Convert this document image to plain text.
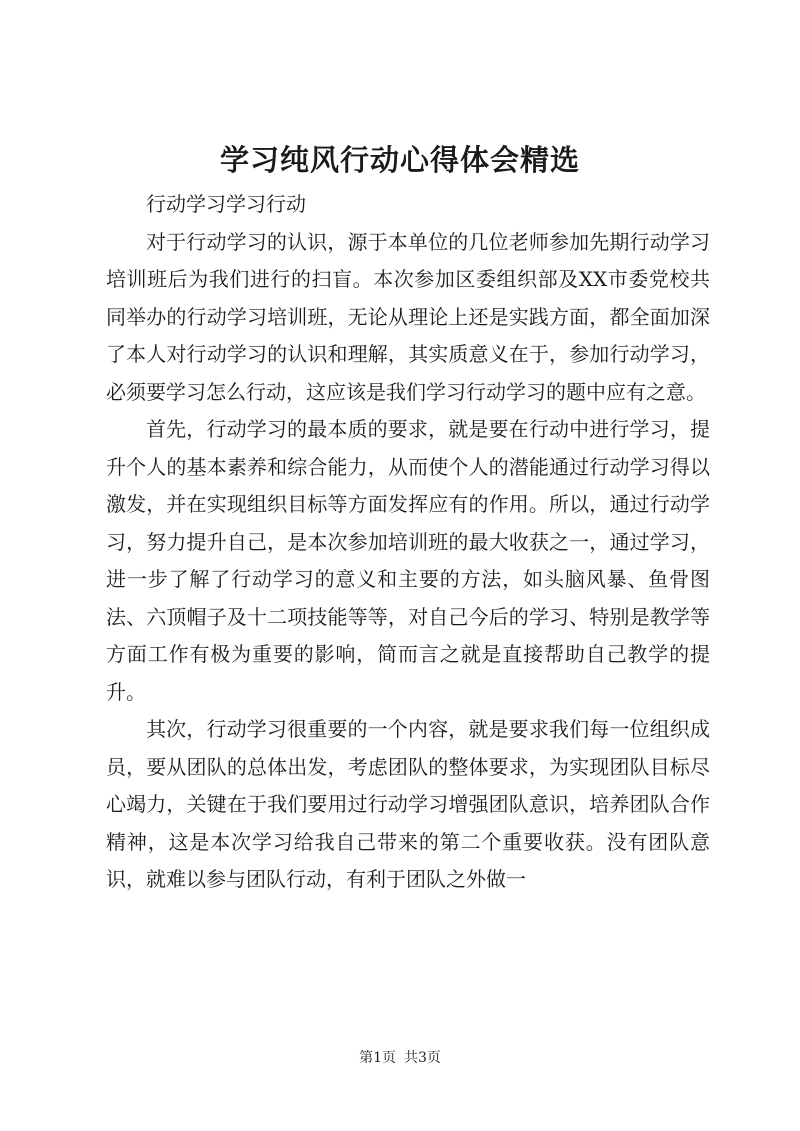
学习纯风行动心得体会精选

行动学习学习行动

对于行动学习的认识，源于本单位的几位老师参加先期行动学习培训班后为我们进行的扫盲。本次参加区委组织部及XX市委党校共同举办的行动学习培训班，无论从理论上还是实践方面，都全面加深了本人对行动学习的认识和理解，其实质意义在于，参加行动学习，必须要学习怎么行动，这应该是我们学习行动学习的题中应有之意。

首先，行动学习的最本质的要求，就是要在行动中进行学习，提升个人的基本素养和综合能力，从而使个人的潜能通过行动学习得以激发，并在实现组织目标等方面发挥应有的作用。所以，通过行动学习，努力提升自己，是本次参加培训班的最大收获之一，通过学习，进一步了解了行动学习的意义和主要的方法，如头脑风暴、鱼骨图法、六顶帽子及十二项技能等等，对自己今后的学习、特别是教学等方面工作有极为重要的影响，简而言之就是直接帮助自己教学的提升。

其次，行动学习很重要的一个内容，就是要求我们每一位组织成员，要从团队的总体出发，考虑团队的整体要求，为实现团队目标尽心竭力，关键在于我们要用过行动学习增强团队意识，培养团队合作精神，这是本次学习给我自己带来的第二个重要收获。没有团队意识，就难以参与团队行动，有利于团队之外做一

第1页 共3页
